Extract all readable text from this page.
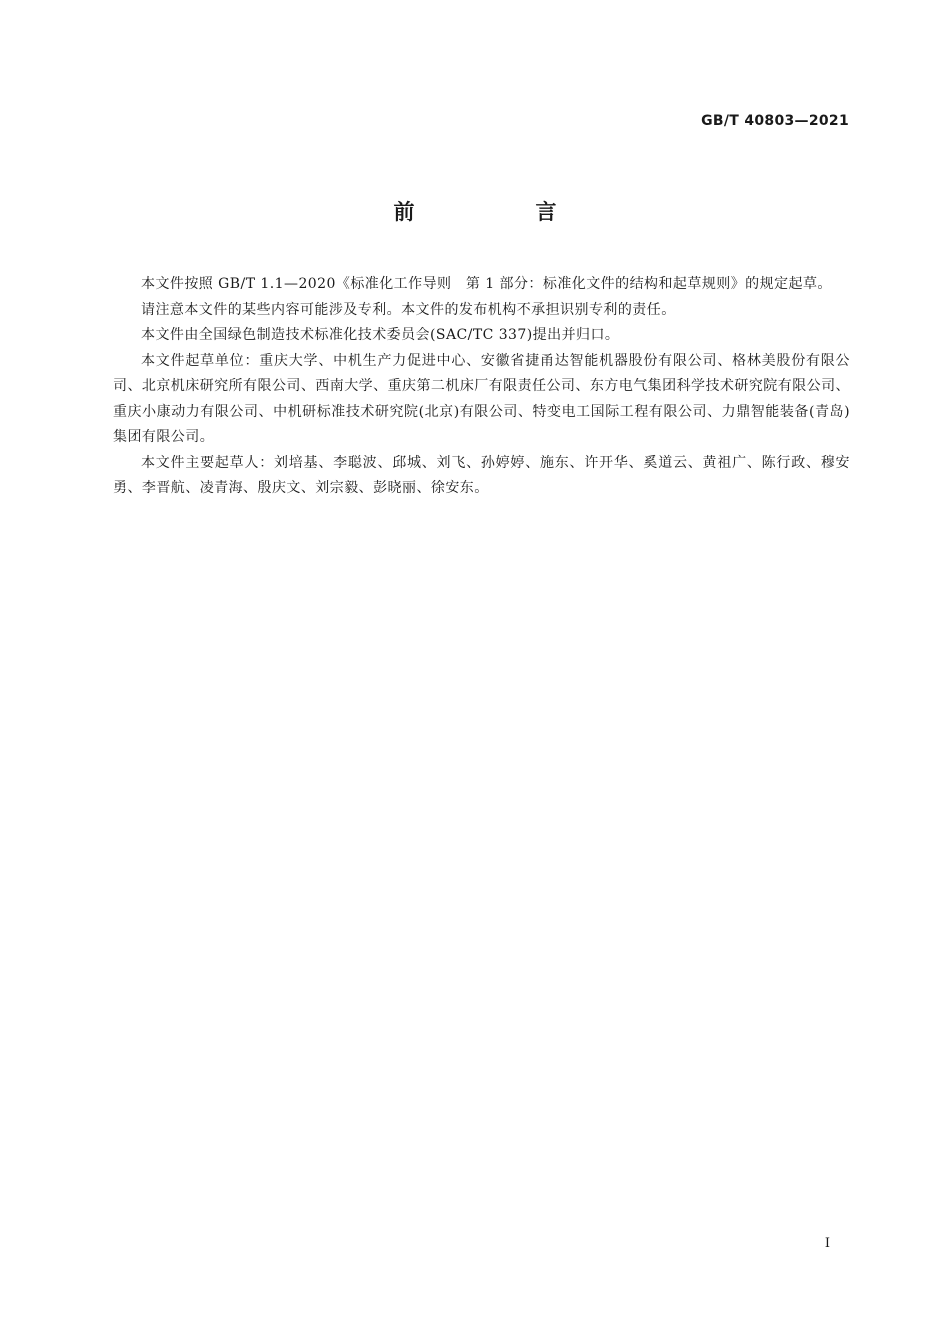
GB/T 40803—2021
前　言

本文件按照 GB/T 1.1—2020《标准化工作导则　第 1 部分：标准化文件的结构和起草规则》的规定起草。

请注意本文件的某些内容可能涉及专利。本文件的发布机构不承担识别专利的责任。

本文件由全国绿色制造技术标准化技术委员会(SAC/TC 337)提出并归口。

本文件起草单位：重庆大学、中机生产力促进中心、安徽省捷甬达智能机器股份有限公司、格林美股份有限公司、北京机床研究所有限公司、西南大学、重庆第二机床厂有限责任公司、东方电气集团科学技术研究院有限公司、重庆小康动力有限公司、中机研标准技术研究院(北京)有限公司、特变电工国际工程有限公司、力鼎智能装备(青岛)集团有限公司。

本文件主要起草人：刘培基、李聪波、邱城、刘飞、孙婷婷、施东、许开华、奚道云、黄祖广、陈行政、穆安勇、李晋航、凌青海、殷庆文、刘宗毅、彭晓丽、徐安东。

I
